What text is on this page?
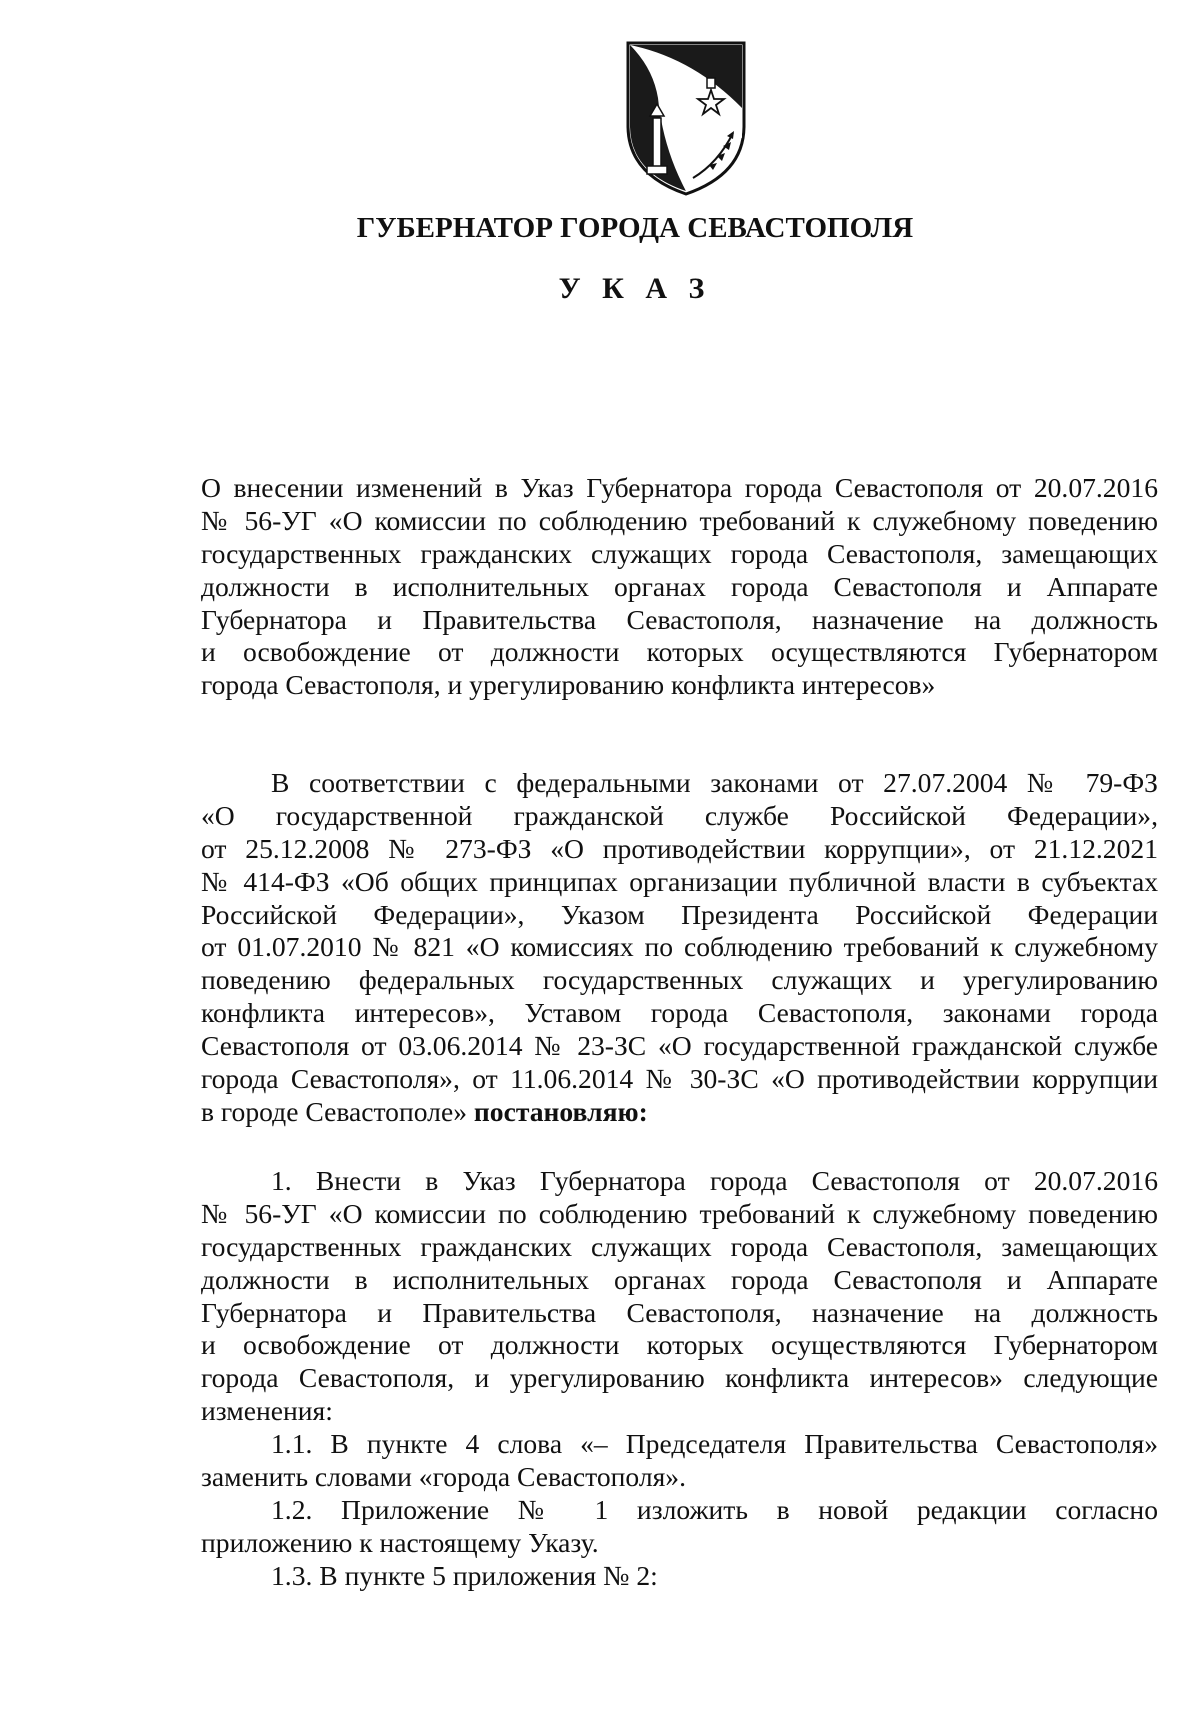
ГУБЕРНАТОР ГОРОДА СЕВАСТОПОЛЯ
У К А З
О внесении изменений в Указ Губернатора города Севастополя от 20.07.2016
№ 56-УГ «О комиссии по соблюдению требований к служебному поведению
государственных гражданских служащих города Севастополя, замещающих
должности в исполнительных органах города Севастополя и Аппарате
Губернатора и Правительства Севастополя, назначение на должность
и освобождение от должности которых осуществляются Губернатором
города Севастополя, и урегулированию конфликта интересов»
В соответствии с федеральными законами от 27.07.2004 № 79-ФЗ
«О государственной гражданской службе Российской Федерации»,
от 25.12.2008 № 273-ФЗ «О противодействии коррупции», от 21.12.2021
№ 414-ФЗ «Об общих принципах организации публичной власти в субъектах
Российской Федерации», Указом Президента Российской Федерации
от 01.07.2010 № 821 «О комиссиях по соблюдению требований к служебному
поведению федеральных государственных служащих и урегулированию
конфликта интересов», Уставом города Севастополя, законами города
Севастополя от 03.06.2014 № 23-ЗС «О государственной гражданской службе
города Севастополя», от 11.06.2014 № 30-ЗС «О противодействии коррупции
в городе Севастополе» постановляю:
1. Внести в Указ Губернатора города Севастополя от 20.07.2016
№ 56-УГ «О комиссии по соблюдению требований к служебному поведению
государственных гражданских служащих города Севастополя, замещающих
должности в исполнительных органах города Севастополя и Аппарате
Губернатора и Правительства Севастополя, назначение на должность
и освобождение от должности которых осуществляются Губернатором
города Севастополя, и урегулированию конфликта интересов» следующие
изменения:
1.1. В пункте 4 слова «– Председателя Правительства Севастополя»
заменить словами «города Севастополя».
1.2. Приложение № 1 изложить в новой редакции согласно
приложению к настоящему Указу.
1.3. В пункте 5 приложения № 2:
